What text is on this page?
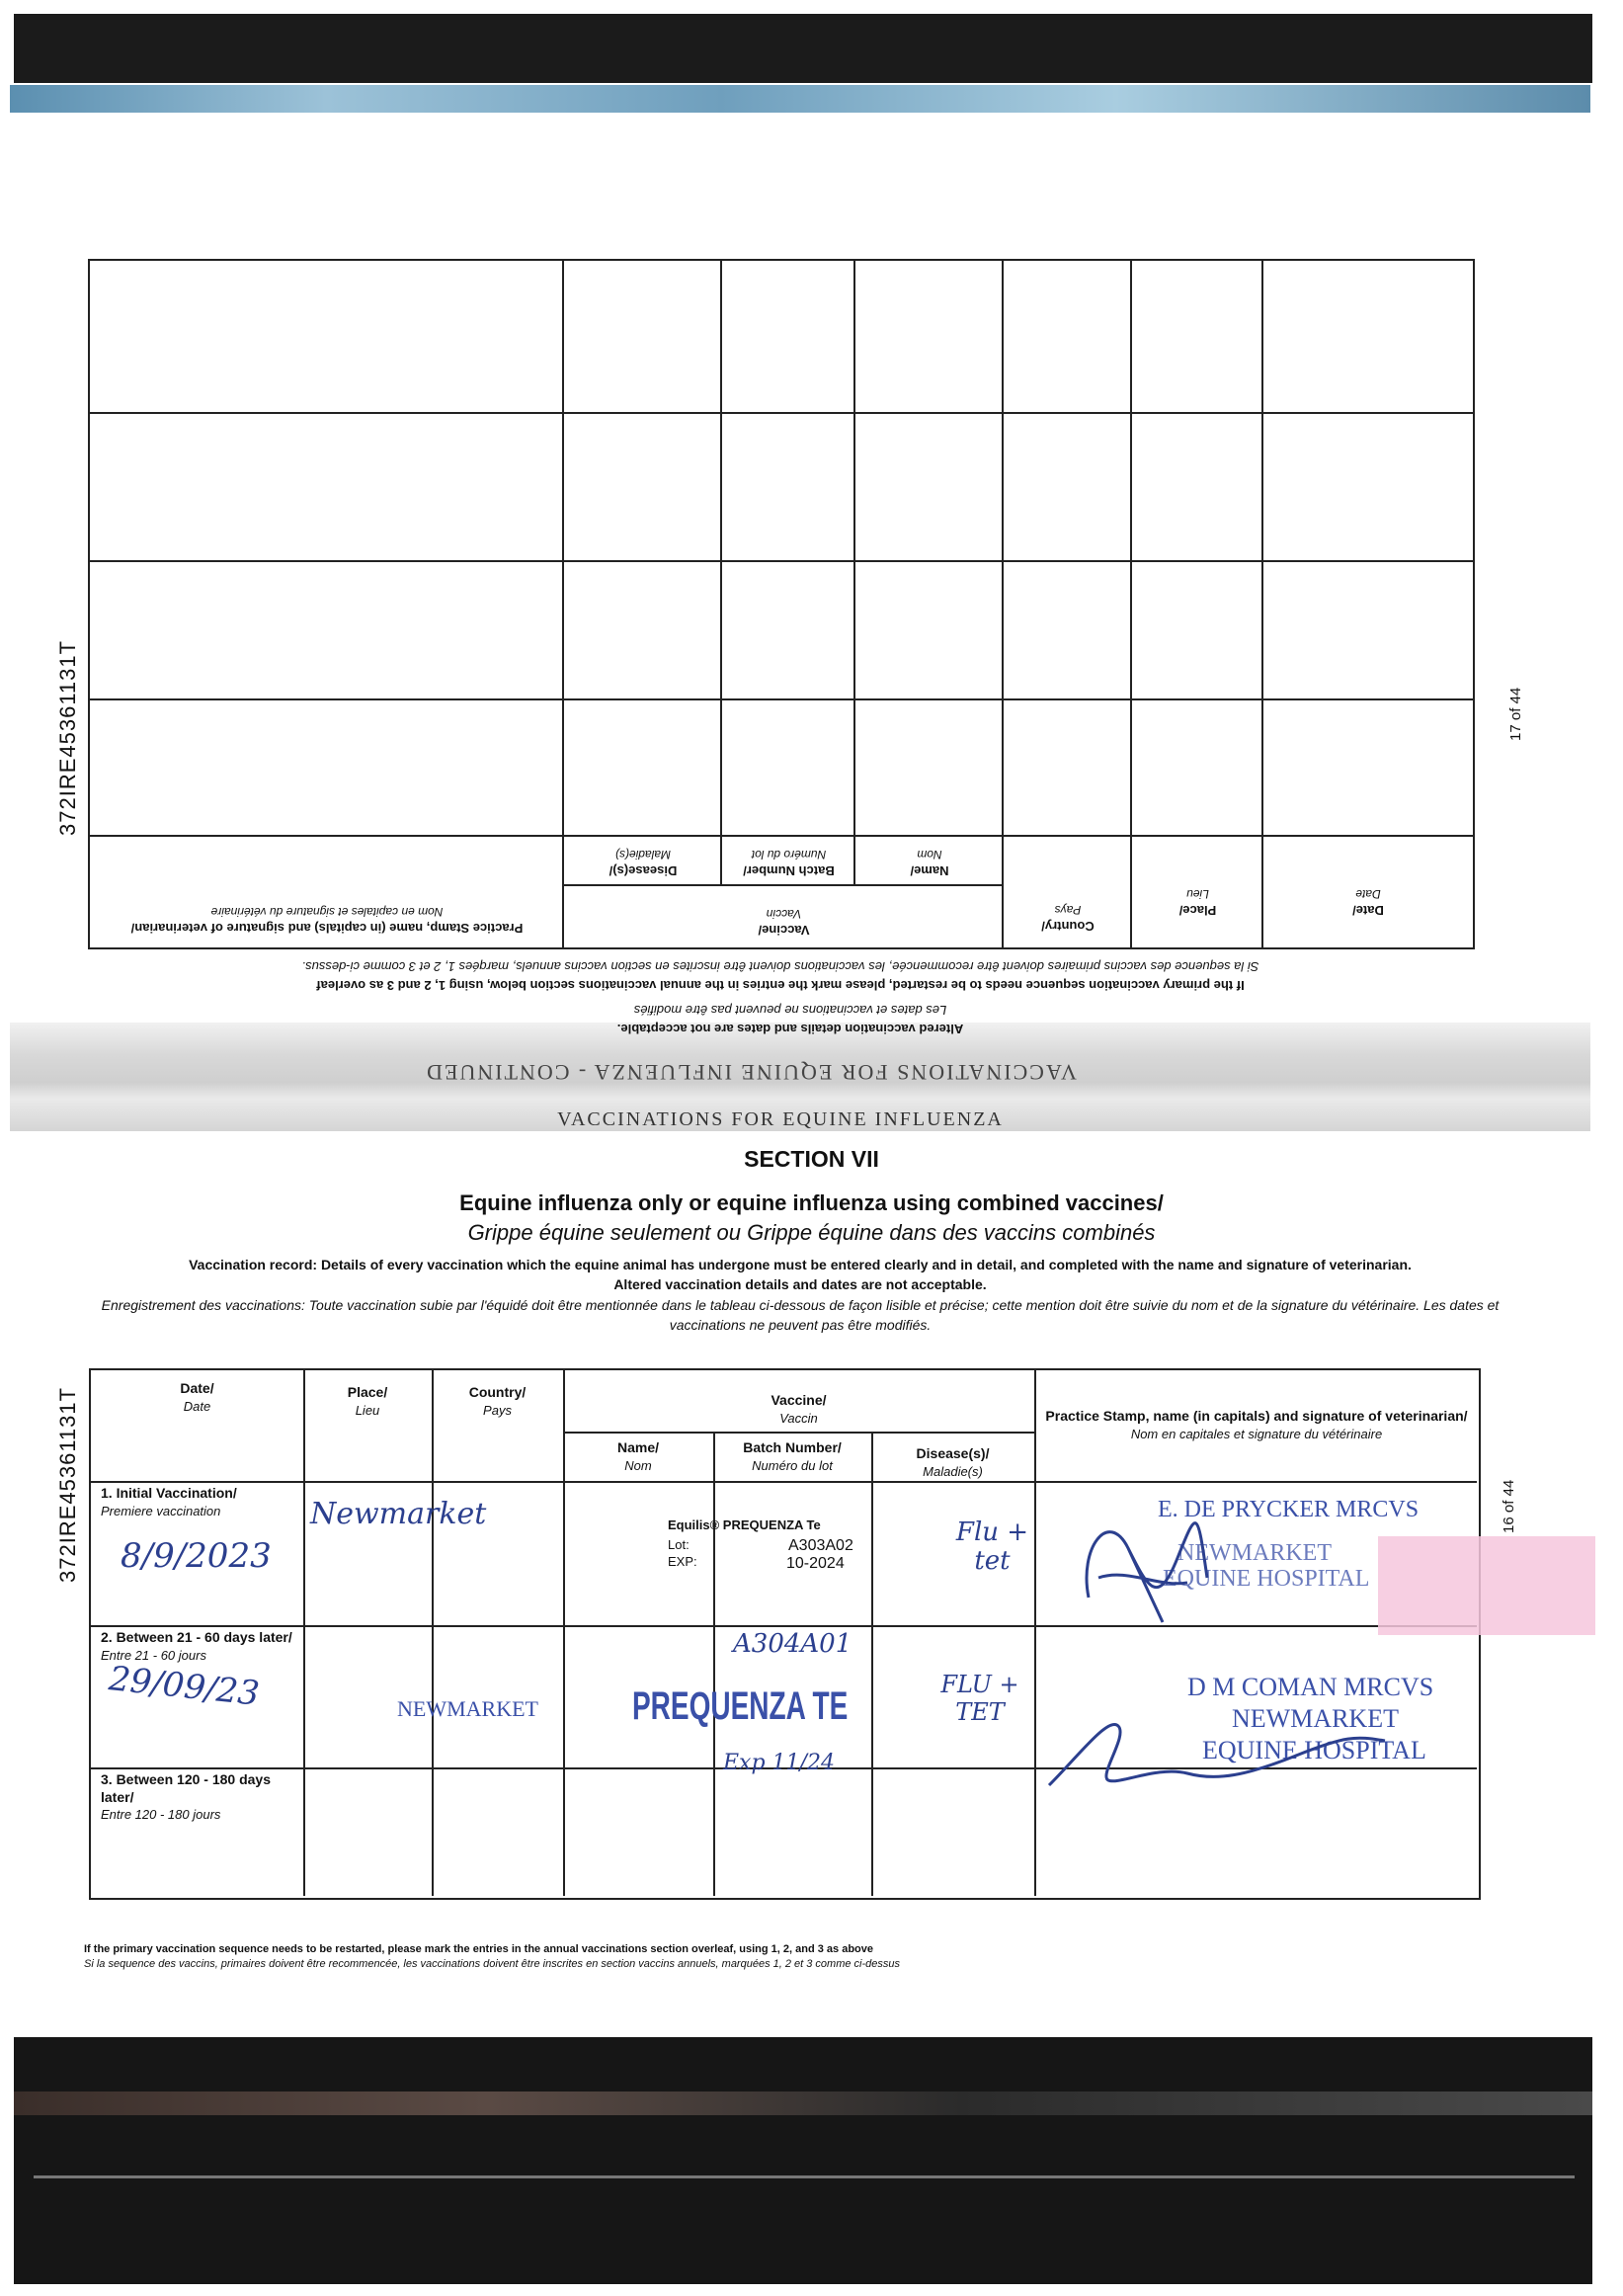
372IRE45361131T
372IRE45361131T
17 of 44
16 of 44
VACCINATIONS FOR EQUINE INFLUENZA - CONTINUED
Altered vaccination details and dates are not acceptable.
Les dates et vaccinations ne peuvent pas être modifiés
If the primary vaccination sequence needs to be restarted, please mark the entries in the annual vaccinations section below, using 1, 2 and 3 as overleaf
Si la sequence des vaccins primaires doivent être recommencée, les vaccinations doivent être inscrites en section vaccins annuels, marqées 1, 2 et 3 comme ci-dessus.
Date/
Date
Place/
Lieu
Country/
Pays
Vaccine/
Vaccin
Name/
Nom
Batch Number/
Numéro du lot
Disease(s)/
Maladie(s)
Practice Stamp, name (in capitals) and signature of veterinarian/
Nom en capitales et signature du vétérinaire
VACCINATIONS FOR EQUINE INFLUENZA
SECTION VII
Equine influenza only or equine influenza using combined vaccines/
Grippe équine seulement ou Grippe équine dans des vaccins combinés
Vaccination record: Details of every vaccination which the equine animal has undergone must be entered clearly and in detail, and completed with the name and signature of veterinarian.
Altered vaccination details and dates are not acceptable.
Enregistrement des vaccinations: Toute vaccination subie par l'équidé doit être mentionnée dans le tableau ci-dessous de façon lisible et précise; cette mention doit être suivie du nom et de la signature du vétérinaire. Les dates et vaccinations ne peuvent pas être modifiés.
Date/
Date
Place/
Lieu
Country/
Pays
Vaccine/
Vaccin
Name/
Nom
Batch Number/
Numéro du lot
Disease(s)/
Maladie(s)
Practice Stamp, name (in capitals) and signature of veterinarian/
Nom en capitales et signature du vétérinaire
1. Initial Vaccination/
Premiere vaccination
2. Between 21 - 60 days later/
Entre 21 - 60 jours
3. Between 120 - 180 days later/
Entre 120 - 180 jours
8/9/2023
Newmarket
Flu + tet
E. DE PRYCKER MRCVS
NEWMARKET
EQUINE HOSPITAL
29/09/23	NEWMARKET
A304A01
PREQUENZA TE
Exp 11/24
FLU + TET
D M COMAN MRCVS
NEWMARKET
EQUINE HOSPITAL
Equilis® PREQUENZA Te
Lot:
EXP:
A303A02
10-2024
If the primary vaccination sequence needs to be restarted, please mark the entries in the annual vaccinations section overleaf, using 1, 2, and 3 as above
Si la sequence des vaccins, primaires doivent être recommencée, les vaccinations doivent être inscrites en section vaccins annuels, marquées 1, 2 et 3 comme ci-dessus
